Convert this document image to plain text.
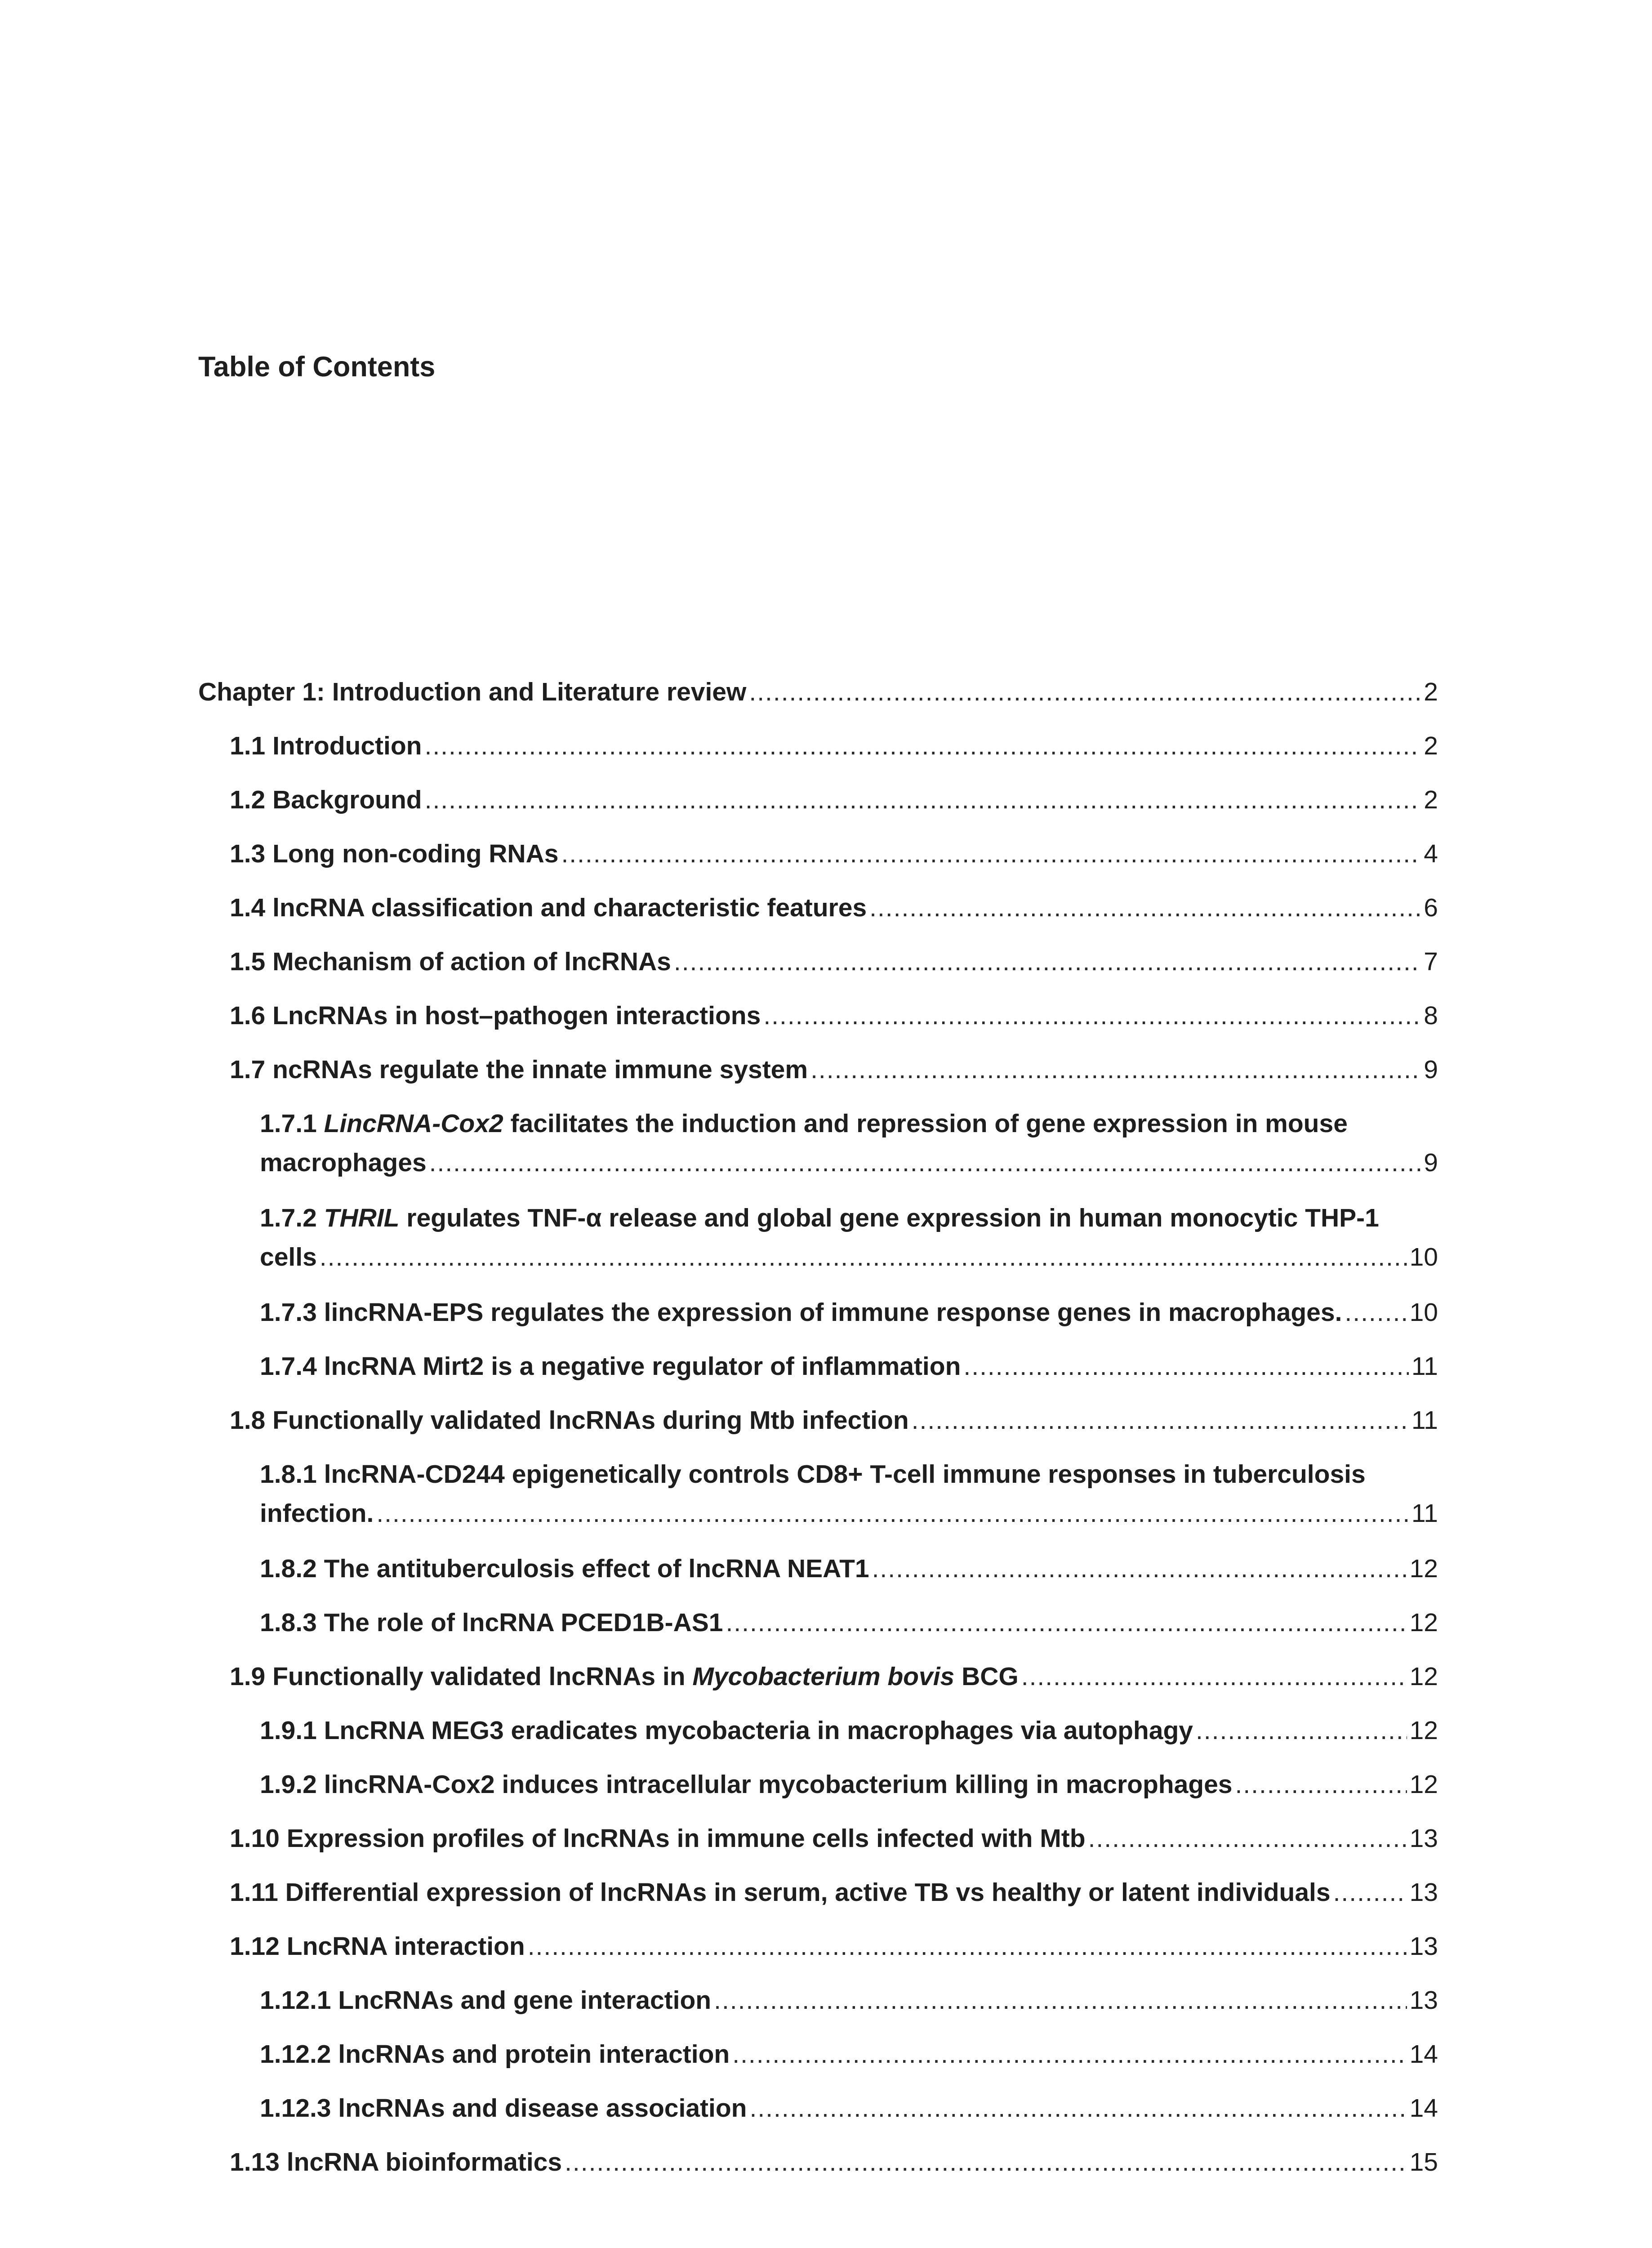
Table of Contents
Chapter 1: Introduction and Literature review .....	2
1.1 Introduction .....	2
1.2 Background .....	2
1.3 Long non-coding RNAs .....	4
1.4 lncRNA classification and characteristic features .....	6
1.5 Mechanism of action of lncRNAs .....	7
1.6 LncRNAs in host–pathogen interactions .....	8
1.7 ncRNAs regulate the innate immune system .....	9
1.7.1 LincRNA-Cox2 facilitates the induction and repression of gene expression in mouse
macrophages .....	9
1.7.2 THRIL regulates TNF-α release and global gene expression in human monocytic THP-1
cells .....	10
1.7.3 lincRNA-EPS regulates the expression of immune response genes in macrophages. .....	10
1.7.4 lncRNA Mirt2 is a negative regulator of inflammation .....	11
1.8 Functionally validated lncRNAs during Mtb infection .....	11
1.8.1 lncRNA-CD244 epigenetically controls CD8+ T-cell immune responses in tuberculosis
infection. .....	11
1.8.2 The antituberculosis effect of lncRNA NEAT1 .....	12
1.8.3 The role of lncRNA PCED1B-AS1 .....	12
1.9 Functionally validated lncRNAs in Mycobacterium bovis BCG .....	12
1.9.1 LncRNA MEG3 eradicates mycobacteria in macrophages via autophagy .....	12
1.9.2 lincRNA-Cox2 induces intracellular mycobacterium killing in macrophages .....	12
1.10 Expression profiles of lncRNAs in immune cells infected with Mtb .....	13
1.11 Differential expression of lncRNAs in serum, active TB vs healthy or latent individuals .....	13
1.12 LncRNA interaction .....	13
1.12.1 LncRNAs and gene interaction .....	13
1.12.2 lncRNAs and protein interaction .....	14
1.12.3 lncRNAs and disease association .....	14
1.13 lncRNA bioinformatics .....	15
